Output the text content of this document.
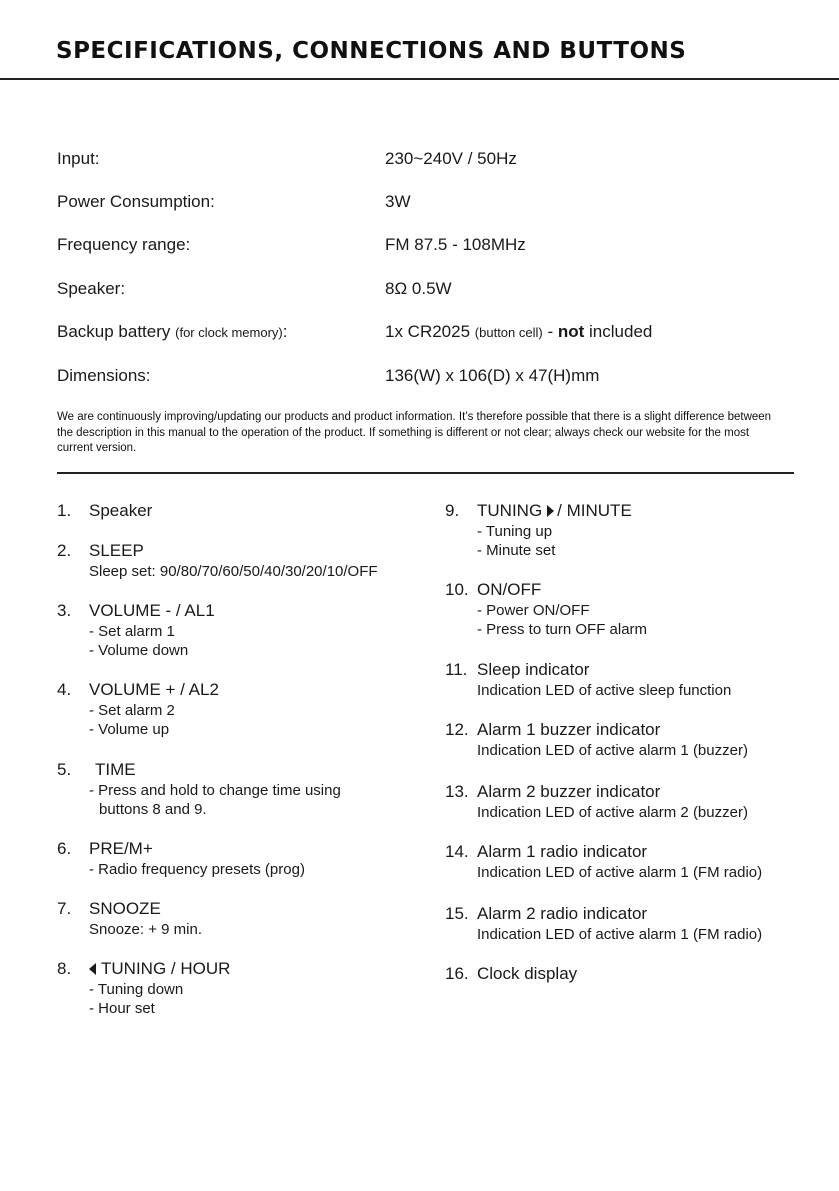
SPECIFICATIONS, CONNECTIONS AND BUTTONS
Input:	230~240V / 50Hz
Power Consumption:	3W
Frequency range:	FM 87.5 - 108MHz
Speaker:	8Ω 0.5W
Backup battery (for clock memory):	1x CR2025 (button cell) - not included
Dimensions:	136(W) x 106(D) x 47(H)mm
We are continuously improving/updating our products and product information. It’s therefore possible that there is a slight difference between the description in this manual to the operation of the product. If something is different or not clear; always check our website for the most current version.
1. Speaker
2. SLEEP
Sleep set: 90/80/70/60/50/40/30/20/10/OFF
3. VOLUME - / AL1
- Set alarm 1
- Volume down
4. VOLUME + / AL2
- Set alarm 2
- Volume up
5. TIME
- Press and hold to change time using
buttons 8 and 9.
6. PRE/M+
- Radio frequency presets (prog)
7. SNOOZE
Snooze: + 9 min.
8.	TUNING / HOUR
- Tuning down
- Hour set
9. TUNING / MINUTE
- Tuning up
- Minute set
10. ON/OFF
- Power ON/OFF
- Press to turn OFF alarm
11. Sleep indicator
Indication LED of active sleep function
12. Alarm 1 buzzer indicator
Indication LED of active alarm 1 (buzzer)
13. Alarm 2 buzzer indicator
Indication LED of active alarm 2 (buzzer)
14. Alarm 1 radio indicator
Indication LED of active alarm 1 (FM radio)
15. Alarm 2 radio indicator
Indication LED of active alarm 1 (FM radio)
16. Clock display
